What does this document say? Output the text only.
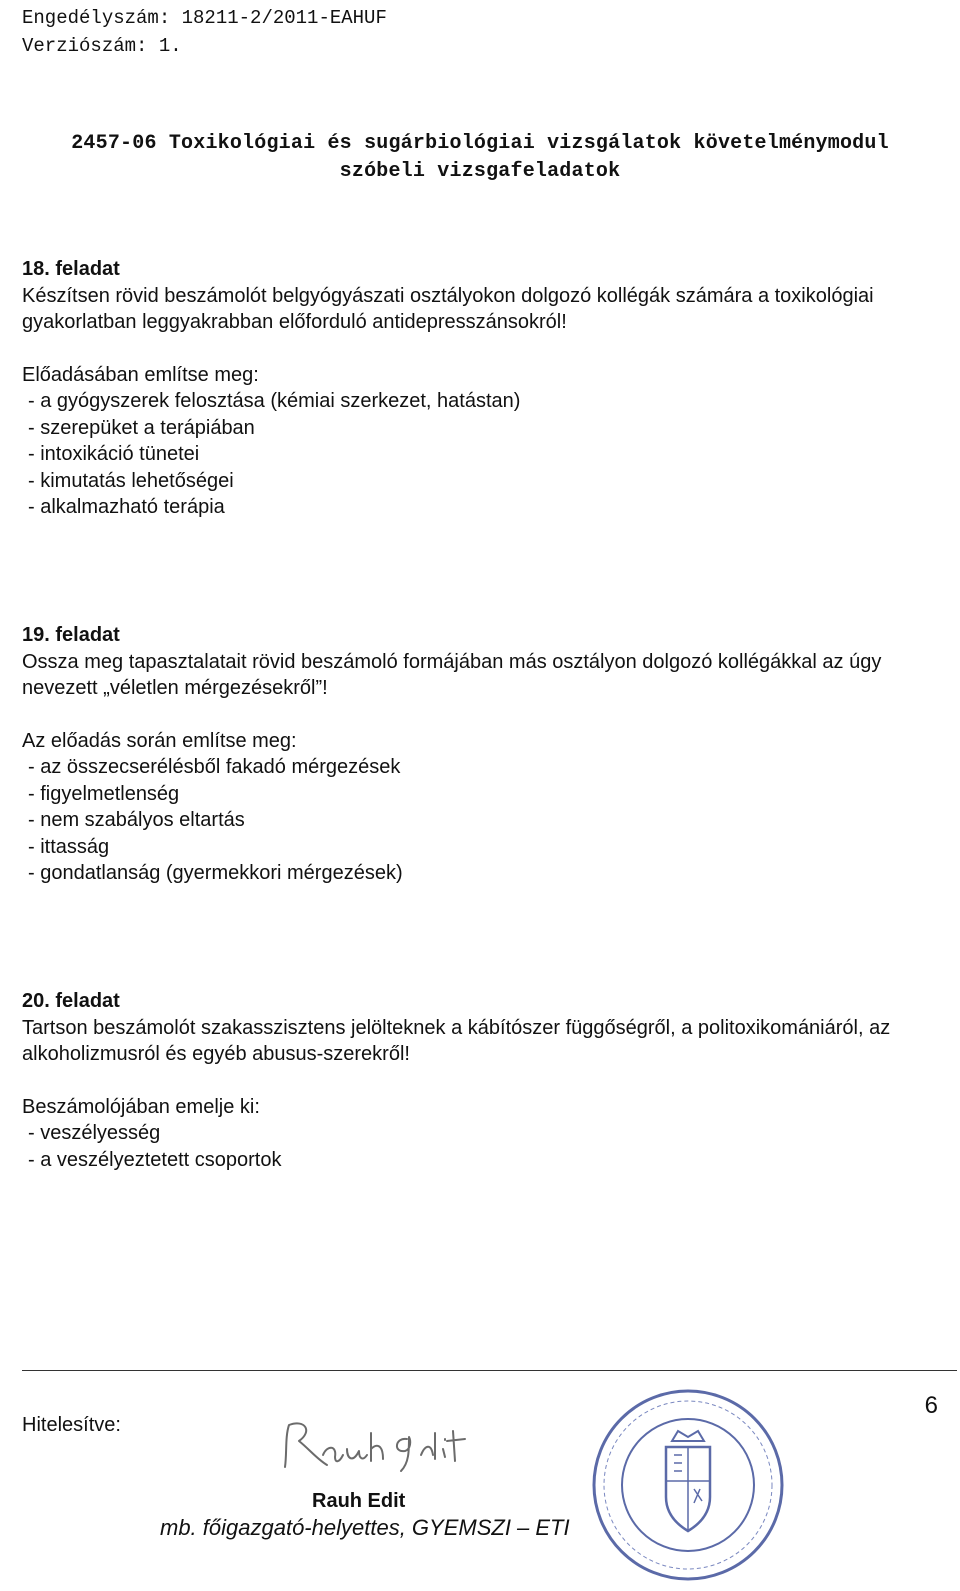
Engedélyszám: 18211-2/2011-EAHUF
Verziószám: 1.
2457-06 Toxikológiai és sugárbiológiai vizsgálatok követelménymodul
szóbeli vizsgafeladatok
18. feladat

Készítsen rövid beszámolót belgyógyászati osztályokon dolgozó kollégák számára a toxikológiai gyakorlatban leggyakrabban előforduló antidepresszánsokról!

Előadásában említse meg:
- a gyógyszerek felosztása (kémiai szerkezet, hatástan)
- szerepüket a terápiában
- intoxikáció tünetei
- kimutatás lehetőségei
- alkalmazható terápia
19. feladat

Ossza meg tapasztalatait rövid beszámoló formájában más osztályon dolgozó kollégákkal az úgy nevezett „véletlen mérgezésekről”!

Az előadás során említse meg:
- az összecserélésből fakadó mérgezések
- figyelmetlenség
- nem szabályos eltartás
- ittasság
- gondatlanság (gyermekkori mérgezések)
20. feladat

Tartson beszámolót szakasszisztens jelölteknek a kábítószer függőségről, a politoxikomániáról, az alkoholizmusról és egyéb abusus-szerekről!

Beszámolójában emelje ki:
- veszélyesség
- a veszélyeztetett csoportok
6
Hitelesítve:
Rauh Edit
mb. főigazgató-helyettes, GYEMSZI – ETI
